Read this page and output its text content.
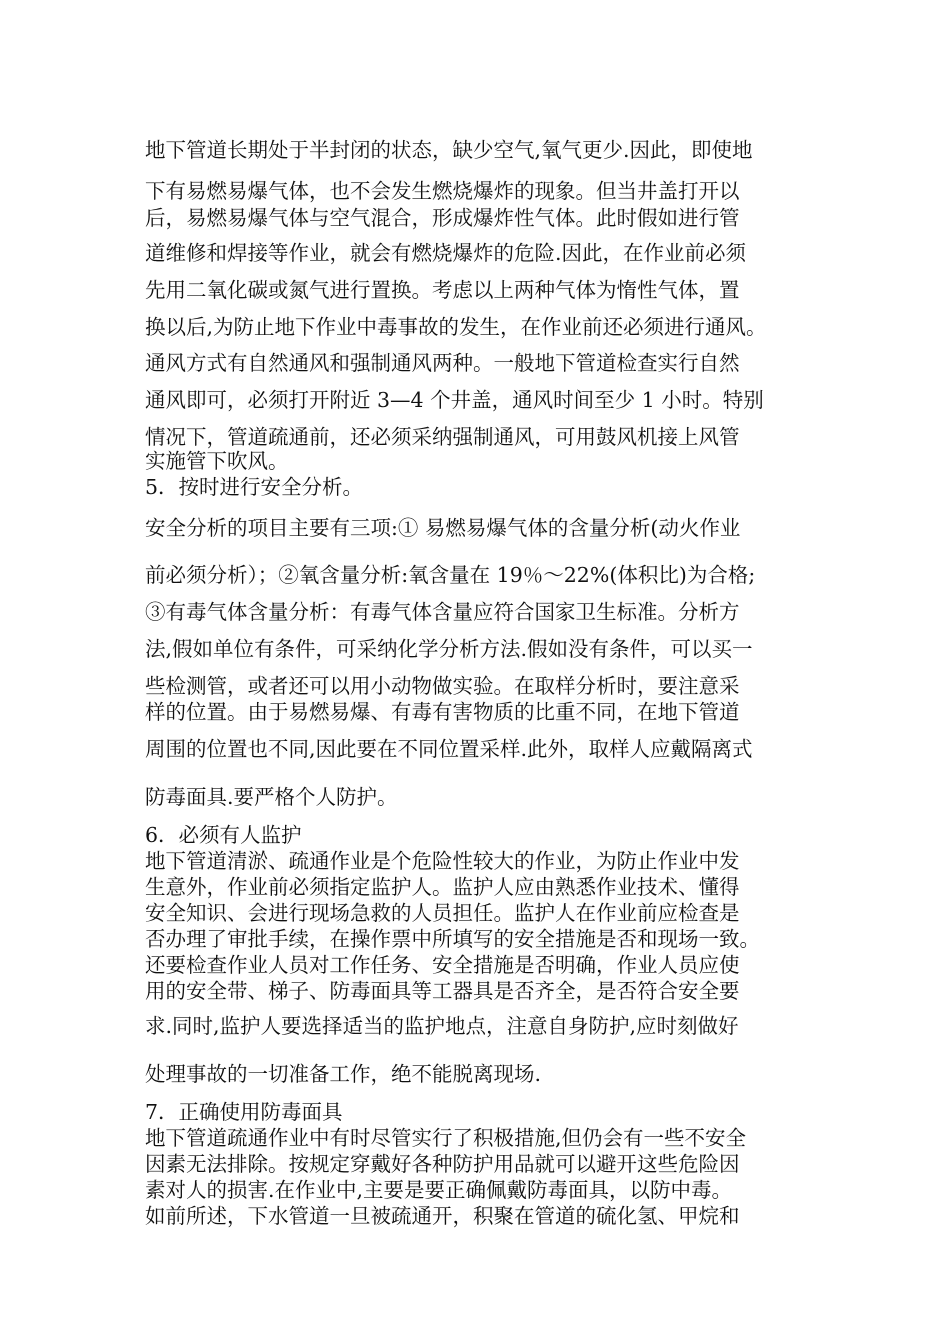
地下管道长期处于半封闭的状态，缺少空气,氧气更少.因此，即使地
下有易燃易爆气体，也不会发生燃烧爆炸的现象。但当井盖打开以
后，易燃易爆气体与空气混合，形成爆炸性气体。此时假如进行管
道维修和焊接等作业，就会有燃烧爆炸的危险.因此，在作业前必须
先用二氧化碳或氮气进行置换。考虑以上两种气体为惰性气体，置
换以后,为防止地下作业中毒事故的发生，在作业前还必须进行通风。
通风方式有自然通风和强制通风两种。一般地下管道检查实行自然
通风即可，必须打开附近 3—4 个井盖，通风时间至少 1 小时。特别
情况下，管道疏通前，还必须采纳强制通风，可用鼓风机接上风管
实施管下吹风。
5．按时进行安全分析。
安全分析的项目主要有三项:① 易燃易爆气体的含量分析(动火作业
前必须分析）；②氧含量分析:氧含量在 19％～22%(体积比)为合格;
③有毒气体含量分析：有毒气体含量应符合国家卫生标准。分析方
法,假如单位有条件，可采纳化学分析方法.假如没有条件，可以买一
些检测管，或者还可以用小动物做实验。在取样分析时，要注意采
样的位置。由于易燃易爆、有毒有害物质的比重不同，在地下管道
周围的位置也不同,因此要在不同位置采样.此外，取样人应戴隔离式
防毒面具.要严格个人防护。
6．必须有人监护
地下管道清淤、疏通作业是个危险性较大的作业，为防止作业中发
生意外，作业前必须指定监护人。监护人应由熟悉作业技术、懂得
安全知识、会进行现场急救的人员担任。监护人在作业前应检查是
否办理了审批手续，在操作票中所填写的安全措施是否和现场一致。
还要检查作业人员对工作任务、安全措施是否明确，作业人员应使
用的安全带、梯子、防毒面具等工器具是否齐全，是否符合安全要
求.同时,监护人要选择适当的监护地点，注意自身防护,应时刻做好
处理事故的一切准备工作，绝不能脱离现场.
7．正确使用防毒面具
地下管道疏通作业中有时尽管实行了积极措施,但仍会有一些不安全
因素无法排除。按规定穿戴好各种防护用品就可以避开这些危险因
素对人的损害.在作业中,主要是要正确佩戴防毒面具，以防中毒。
如前所述，下水管道一旦被疏通开，积聚在管道的硫化氢、甲烷和
